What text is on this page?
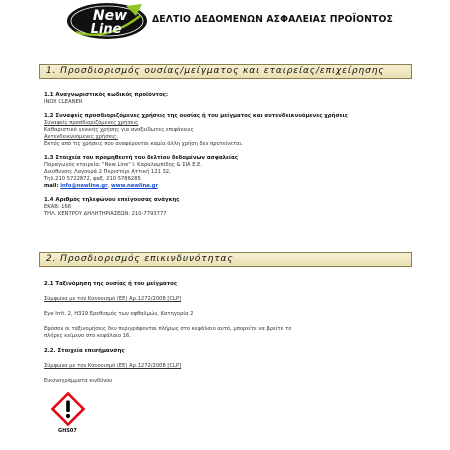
New
Line
ΔΕΛΤΙΟ ΔΕΔΟΜΕΝΩΝ ΑΣΦΑΛΕΙΑΣ ΠΡΟΪΟΝΤΟΣ
1. Προσδιορισμός ουσίας/μείγματος και εταιρείας/επιχείρησης
1.1 Αναγνωριστικός κωδικός προϊόντος:
INOX CLEANER
1.2 Συναφείς προσδιοριζόμενες χρήσεις της ουσίας ή του μείγματος και αντενδεικνυόμενες χρήσεις
Συναφείς προσδιοριζόμενες χρήσεις
Καθαριστικό γενικής χρήσης για ανοξείδωτες επιφάνειες
Αντενδεικνυόμενες χρήσεις:
Εκτός από τις χρήσεις που αναφέρονται καμία άλλη χρήση δεν προτείνεται.
1.3 Στοιχεία του προμηθευτή του δελτίου δεδομένων ασφαλείας
Παραγωγός εταιρεία: "New Line" Ι. Καραλαμπίδης & ΣΙΑ Ε.Ε.
Διεύθυνση: Λαγουρά 2 Περιστέρι Αττική 121 32,
Τηλ.210 5722872, φαξ. 210 5786285
mail: info@newline.gr, www.newline.gr
1.4 Αριθμός τηλεφώνου επείγουσας ανάγκης
ΕΚΑΒ: 166
ΤΗΛ. ΚΕΝΤΡΟΥ ΔΗΛΗΤΗΡΙΑΣΕΩΝ: 210-7793777
2. Προσδιορισμός επικινδυνότητας
2.1 Ταξινόμηση της ουσίας ή του μείγματος
Σύμφωνα με τον Κανονισμό (ΕΕ) Αρ.1272/2008 [CLP]
Eye Irrit. 2, H319 Ερεθισμός των οφθαλμών, Κατηγορία 2
Εφόσον οι ταξινομήσεις δεν περιγράφονται πλήρως στο κεφάλαιο αυτό, μπορείτε να βρείτε το
πλήρες κείμενο στο κεφάλαιο 16.
2.2. Στοιχεία επισήμανσης
Σύμφωνα με τον Κανονισμό (ΕΕ) Αρ.1272/2008 [CLP]
Εικονογράμματα κινδύνου
GHS07
